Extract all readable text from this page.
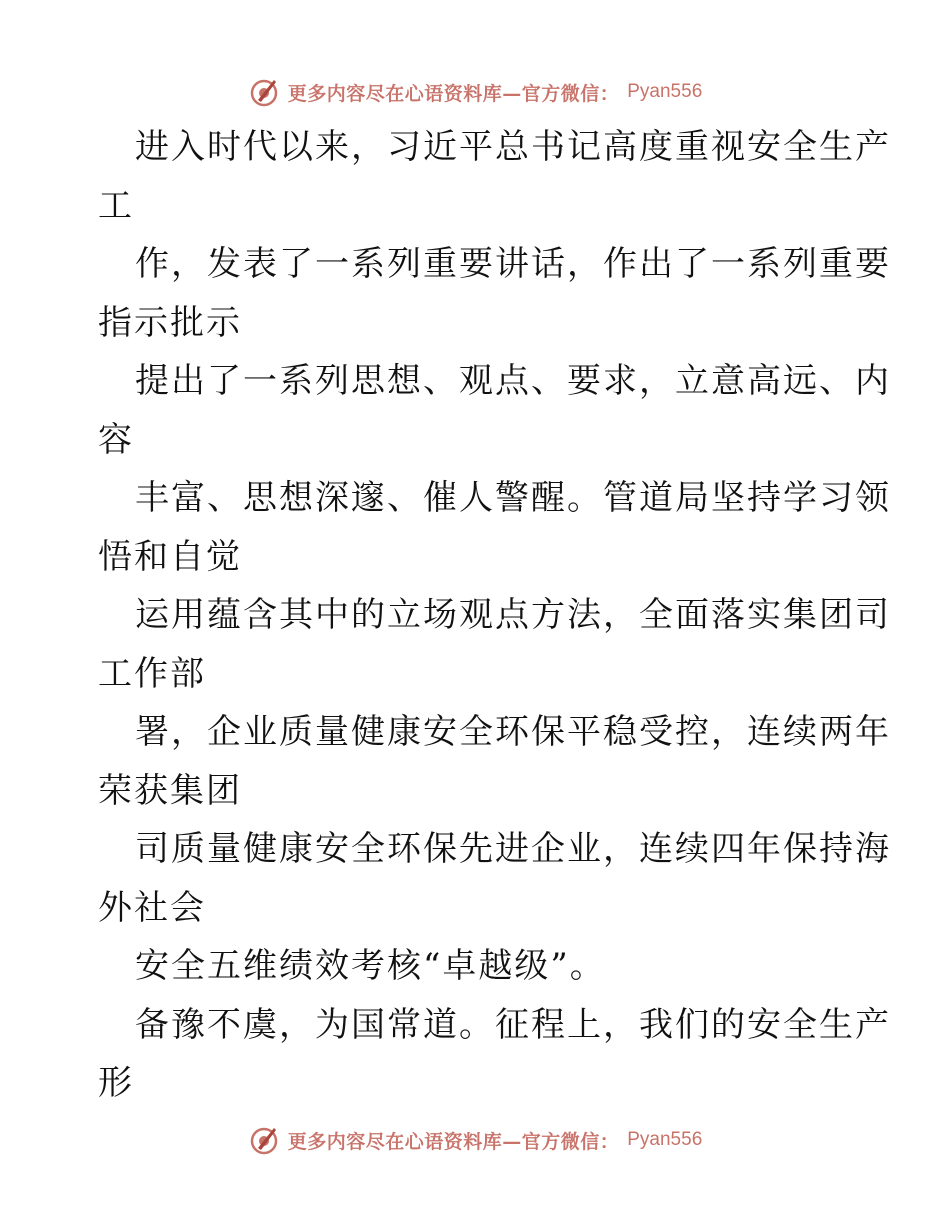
更多内容尽在心语资料库—官方微信： Pyan556
进入时代以来，习近平总书记高度重视安全生产
工
作，发表了一系列重要讲话，作出了一系列重要
指示批示
提出了一系列思想、观点、要求，立意高远、内
容
丰富、思想深邃、催人警醒。管道局坚持学习领
悟和自觉
运用蕴含其中的立场观点方法，全面落实集团司
工作部
署，企业质量健康安全环保平稳受控，连续两年
荣获集团
司质量健康安全环保先进企业，连续四年保持海
外社会
安全五维绩效考核“卓越级”。
备豫不虞，为国常道。征程上，我们的安全生产
形
更多内容尽在心语资料库—官方微信： Pyan556
